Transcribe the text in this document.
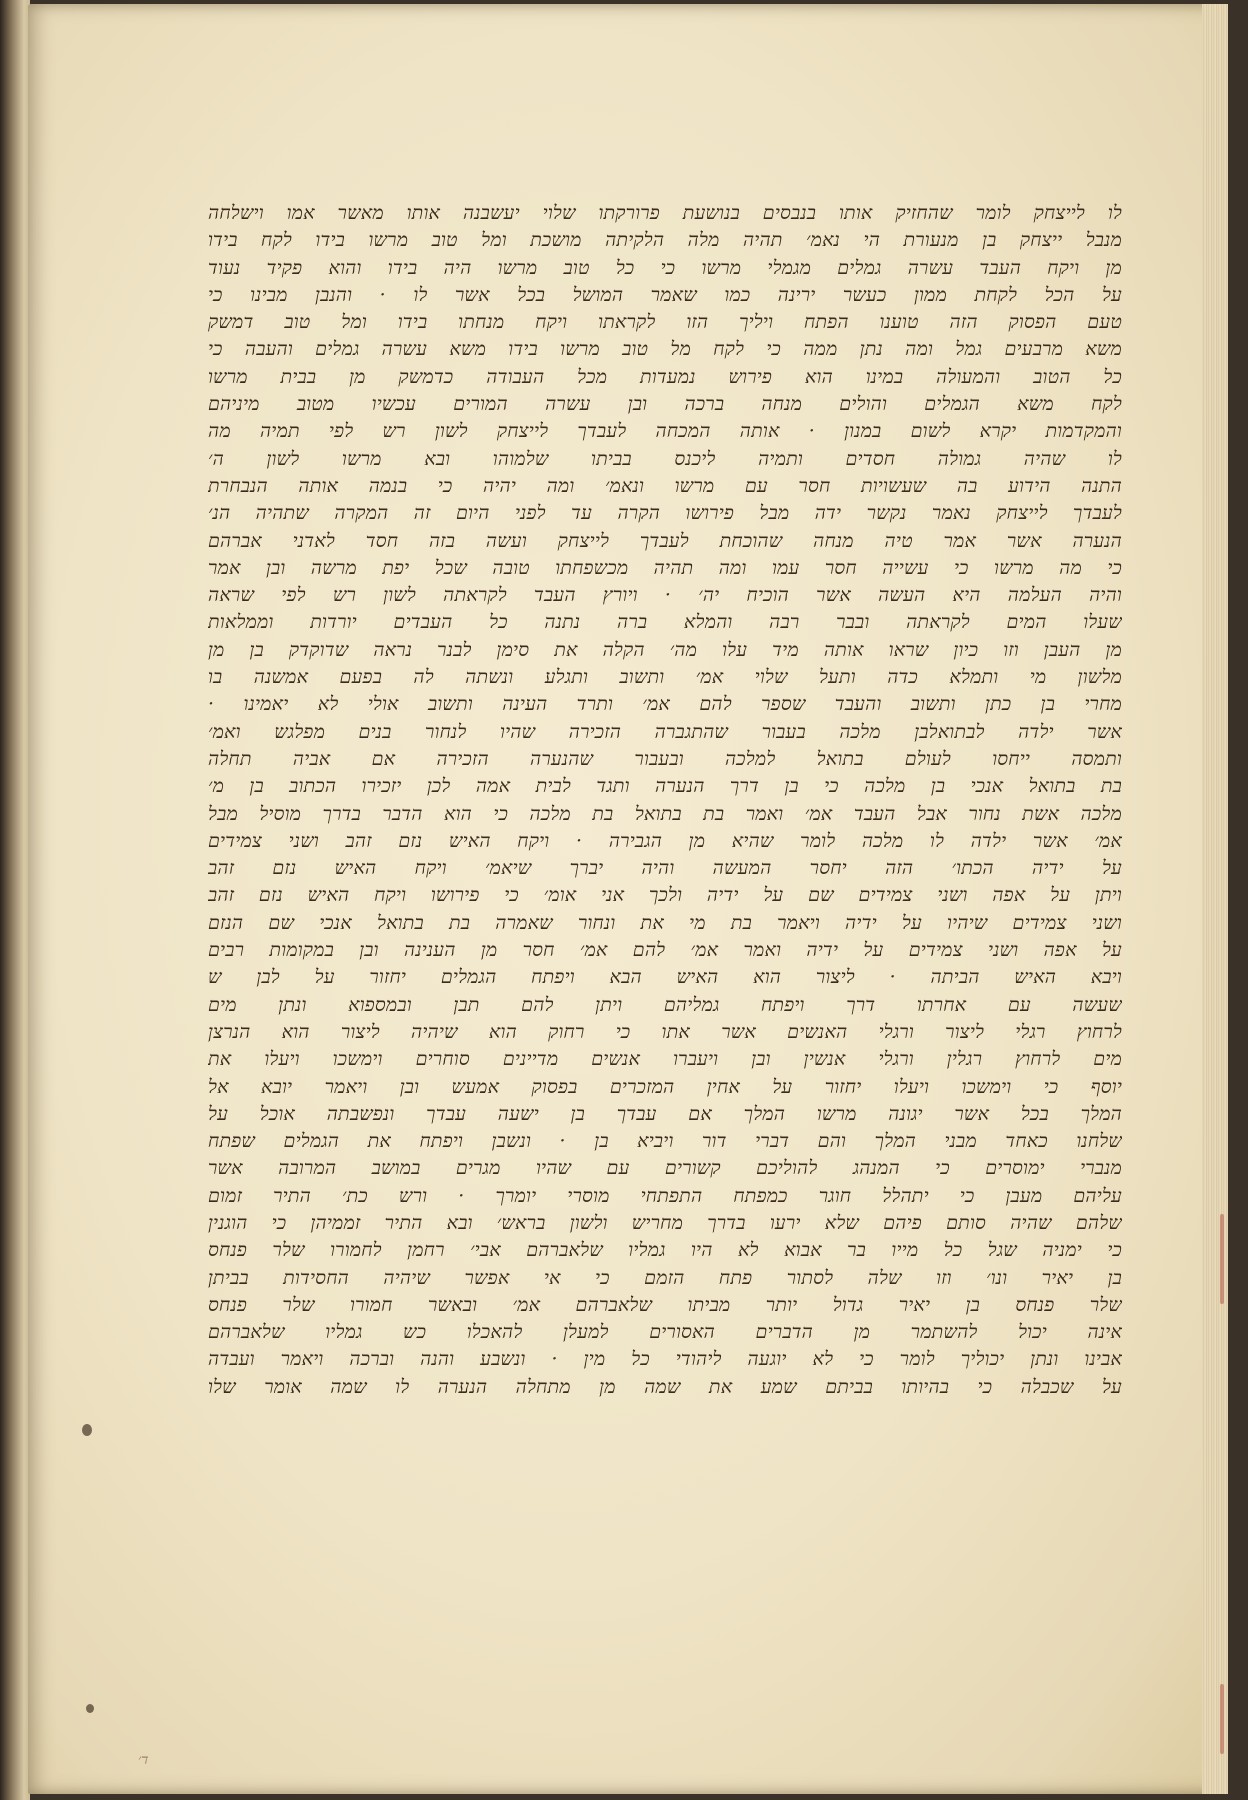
לו לייצחק לומר שהחזיק אותו בנבסים בנושעת פרורקתו שלוי יעשבנה אותו מאשר אמו וישלחה
מנבל ייצחק בן מנעורת הי נאמ׳ תהיה מלה הלקיתה מושכת ומל טוב מרשו בידו לקח בידו
מן ויקח העבד עשרה גמלים מגמלי מרשו כי כל טוב מרשו היה בידו והוא פקיד נעוד
על הכל לקחת ממון כעשר ירינה כמו שאמר המושל בכל אשר לו · והנבן מבינו כי
טעם הפסוק הזה טוענו הפתח ויליך הזו לקראתו ויקח מנחתו בידו ומל טוב דמשק
משא מרבעים גמל ומה נתן ממה כי לקח מל טוב מרשו בידו משא עשרה גמלים והעבה כי
כל הטוב והמעולה במינו הוא פירוש נמעדות מכל העבודה כדמשק מן בבית מרשו
לקח משא הגמלים והולים מנחה ברכה ובן עשרה המורים עכשיו מטוב מיניהם
והמקדמות יקרא לשום במנון · אותה המכחה לעבדך לייצחק לשון רש לפי תמיה מה
לו שהיה גמולה חסדים ותמיה ליכנס בביתו שלמוהו ובא מרשו לשון ה׳
התנה הידוע בה שעשויות חסר עם מרשו ונאמ׳ ומה יהיה כי בנמה אותה הנבחרת
לעבדך לייצחק נאמר נקשר ידה מבל פירושו הקרה עד לפני היום זה המקרה שתהיה הנ׳
הנערה אשר אמר טיה מנחה שהוכחת לעבדך לייצחק ועשה בזה חסד לאדני אברהם
כי מה מרשו כי עשייה חסר עמו ומה תהיה מכשפחתו טובה שכל יפת מרשה ובן אמר
והיה העלמה היא העשה אשר הוכיח יה׳ · ויורץ העבד לקראתה לשון רש לפי שראה
שעלו המים לקראתה ובבר רבה והמלא ברה נתנה כל העבדים יורדות וממלאות
מן העבן וזו כיון שראו אותה מיד עלו מה׳ הקלה את סימן לבנר נראה שדוקדק בן מן
מלשון מי ותמלא כדה ותעל שלוי אמ׳ ותשוב ותגלע ונשתה לה בפעם אמשנה בו
מחרי בן כתן ותשוב והעבד שספר להם אמ׳ ותרד העינה ותשוב אולי לא יאמינו ·
אשר ילדה לבתואלבן מלכה בעבור שהתגברה הזכירה שהיו לנחור בנים מפלגש ואמ׳
ותמסה ייחסו לעולם בתואל למלכה ובעבור שהנערה הזכירה אם אביה תחלה
בת בתואל אנכי בן מלכה כי בן דרך הנערה ותגד לבית אמה לכן יזכירו הכתוב בן מ׳
מלכה אשת נחור אבל העבד אמ׳ ואמר בת בתואל בת מלכה כי הוא הדבר בדרך מוסיל מבל
אמ׳ אשר ילדה לו מלכה לומר שהיא מן הגבירה · ויקח האיש נזם זהב ושני צמידים
על ידיה הכתו׳ הזה יחסר המעשה והיה יברך שיאמ׳ ויקח האיש נזם זהב
ויתן על אפה ושני צמידים שם על ידיה ולכך אני אומ׳ כי פירושו ויקח האיש נזם זהב
ושני צמידים שיהיו על ידיה ויאמר בת מי את ונחור שאמרה בת בתואל אנכי שם הנזם
על אפה ושני צמידים על ידיה ואמר אמ׳ להם אמ׳ חסר מן הענינה ובן במקומות רבים
ויבא האיש הביתה · ליצור הוא האיש הבא ויפתח הגמלים יחזור על לבן ש
שעשה עם אחרתו דרך ויפתח גמליהם ויתן להם תבן ובמספוא ונתן מים
לרחוץ רגלי ליצור ורגלי האנשים אשר אתו כי רחוק הוא שיהיה ליצור הוא הנרצן
מים לרחוץ רגלין ורגלי אנשין ובן ויעברו אנשים מדיינים סוחרים וימשכו ויעלו את
יוסף כי וימשכו ויעלו יחזור על אחין המזכרים בפסוק אמעש ובן ויאמר יובא אל
המלך בכל אשר יגונה מרשו המלך אם עבדך בן ישעה עבדך ונפשבתה אוכל על
שלחנו כאחד מבני המלך והם דברי דור ויביא בן · ונשבן ויפתח את הגמלים שפתח
מנברי ימוסרים כי המנהג להוליכם קשורים עם שהיו מגרים במושב המרובה אשר
עליהם מעבן כי יתהלל חוגר כמפתח התפתחי מוסרי יומרך · ורש כת׳ התיר זמום
שלהם שהיה סותם פיהם שלא ירעו בדרך מחריש ולשון בראש׳ ובא התיר זממיהן כי הוגנין
כי ימניה שגל כל מייו בר אבוא לא היו גמליו שלאברהם אבי׳ רחמן לחמורו שלר פנחס
בן יאיר ונו׳ וזו שלה לסתור פתח הזמם כי אי אפשר שיהיה החסידות בביתן
שלר פנחס בן יאיר גדול יותר מביתו שלאברהם אמ׳ ובאשר חמורו שלר פנחס
אינה יכול להשתמר מן הדברים האסורים למעלן להאכלו כש גמליו שלאברהם
אבינו ונתן יכוליך לומר כי לא יוגעה ליהודי כל מין · ונשבע והנה וברכה ויאמר ועבדה
על שכבלה כי בהיותו בביתם שמע את שמה מן מתחלה הנערה לו שמה אומר שלו
ד׳
